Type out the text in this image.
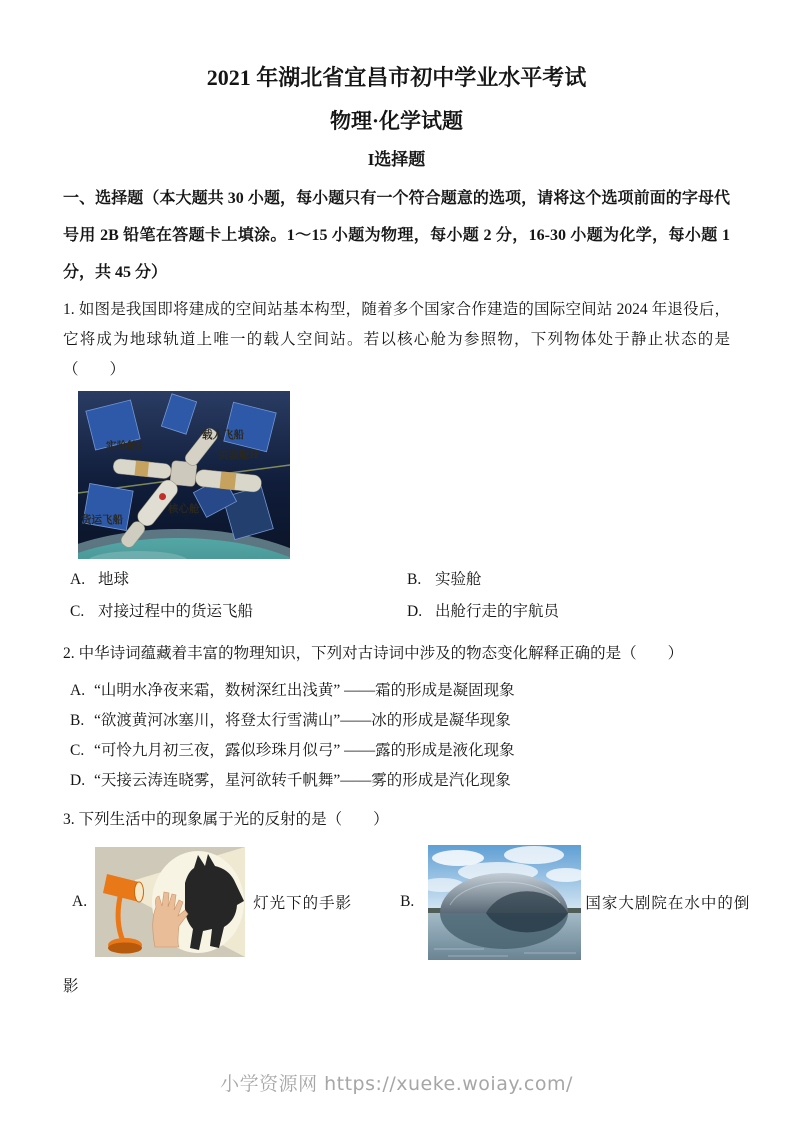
2021 年湖北省宜昌市初中学业水平考试
物理·化学试题
I选择题

一、选择题（本大题共 30 小题，每小题只有一个符合题意的选项，请将这个选项前面的字母代号用 2B 铅笔在答题卡上填涂。1～15 小题为物理，每小题 2 分，16-30 小题为化学，每小题 1 分，共 45 分）

1. 如图是我国即将建成的空间站基本构型，随着多个国家合作建造的国际空间站 2024 年退役后，它将成为地球轨道上唯一的载人空间站。若以核心舱为参照物，下列物体处于静止状态的是（　　）

实验舱Ⅰ
载人飞船
实验舱Ⅱ
核心舱
货运飞船
A. 地球	B. 实验舱
C. 对接过程中的货运飞船	D. 出舱行走的宇航员

2. 中华诗词蕴藏着丰富的物理知识，下列对古诗词中涉及的物态变化解释正确的是（　　）

A. “山明水净夜来霜，数树深红出浅黄” ——霜的形成是凝固现象

B. “欲渡黄河冰塞川，将登太行雪满山”——冰的形成是凝华现象

C. “可怜九月初三夜，露似珍珠月似弓” ——露的形成是液化现象

D. “天接云涛连晓雾，星河欲转千帆舞”——雾的形成是汽化现象

3. 下列生活中的现象属于光的反射的是（　　）

A.	灯光下的手影	B.	国家大剧院在水中的倒

影

小学资源网 https://xueke.woiay.com/
